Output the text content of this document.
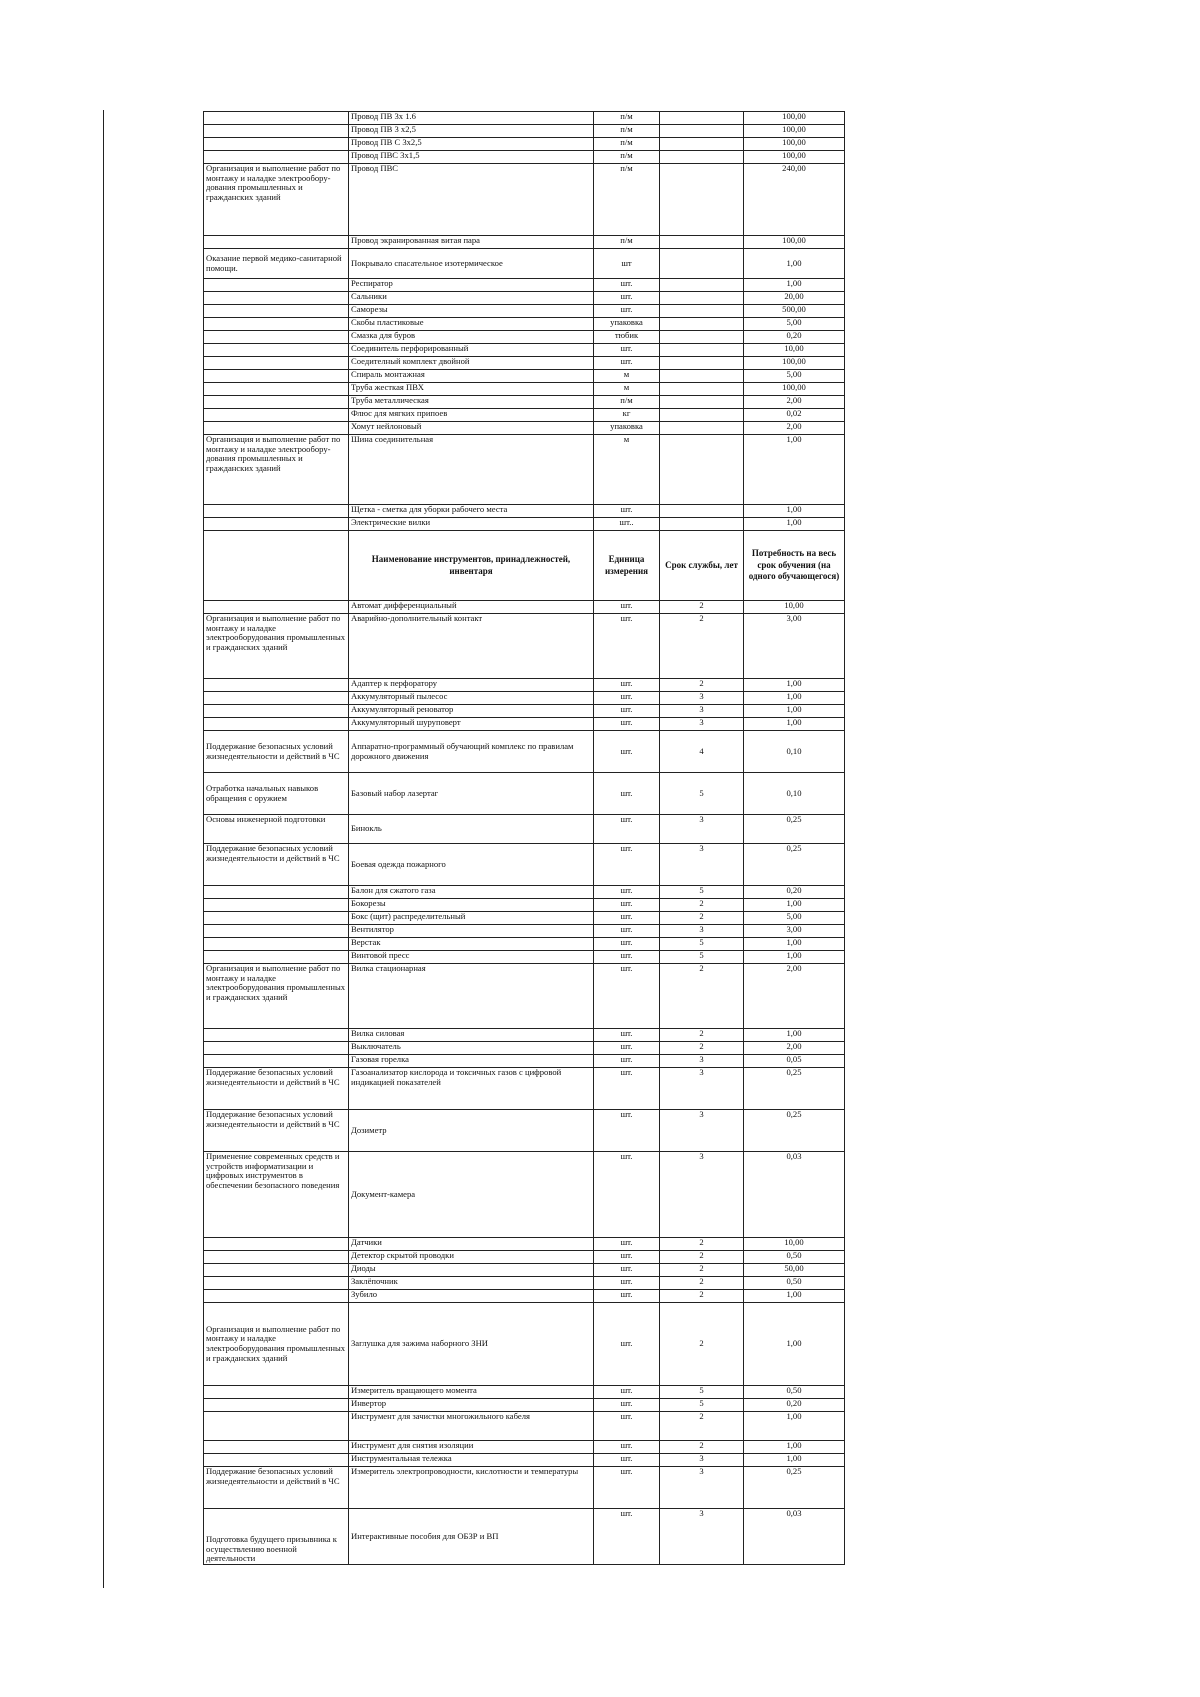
	Провод ПВ 3х 1.6	п/м		100,00
	Провод ПВ 3 х2,5	п/м		100,00
	Провод ПВ С 3х2,5	п/м		100,00
	Провод ПВС 3х1,5	п/м		100,00
Организация и выполнение работ по монтажу и наладке электрообору-дования промышленных и гражданских зданий	Провод ПВС	п/м		240,00
	Провод экранированная витая пара	п/м		100,00
Оказание первой медико-санитарной помощи.	Покрывало спасательное изотермическое	шт		1,00
	Респиратор	шт.		1,00
	Сальники	шт.		20,00
	Саморезы	шт.		500,00
	Скобы пластиковые	упаковка		5,00
	Смазка для буров	тюбик		0,20
	Соединитель перфорированный	шт.		10,00
	Соедителный комплект двойной	шт.		100,00
	Спираль монтажная	м		5,00
	Труба жесткая ПВХ	м		100,00
	Труба металлическая	п/м		2,00
	Флюс для мягких припоев	кг		0,02
	Хомут нейлоновый	упаковка		2,00
Организация и выполнение работ по монтажу и наладке электрообору-дования промышленных и гражданских зданий	Шина соединительная	м		1,00
	Щетка - сметка для уборки рабочего места	шт.		1,00
	Электрические вилки	шт..		1,00
	Наименование инструментов, принадлежностей, инвентаря	Единица измерения	Срок службы, лет	Потребность на весь срок обучения (на одного обучающегося)
	Автомат дифференциальный	шт.	2	10,00
Организация и выполнение работ по монтажу и наладке электрооборудования промышленных и гражданских зданий	Аварийно-дополнительный контакт	шт.	2	3,00
	Адаптер к перфоратору	шт.	2	1,00
	Аккумуляторный пылесос	шт.	3	1,00
	Аккумуляторный реноватор	шт.	3	1,00
	Аккумуляторный шуруповерт	шт.	3	1,00
Поддержание безопасных условий жизнедеятельности и действий в ЧС	Аппаратно-программный обучающий комплекс по правилам дорожного движения	шт.	4	0,10
Отработка начальных навыков обращения с оружием	Базовый набор лазертаг	шт.	5	0,10
Основы инженерной подготовки	Бинокль	шт.	3	0,25
Поддержание безопасных условий жизнедеятельности и действий в ЧС	Боевая одежда пожарного	шт.	3	0,25
	Балон для сжатого газа	шт.	5	0,20
	Бокорезы	шт.	2	1,00
	Бокс (щит) распределительный	шт.	2	5,00
	Вентилятор	шт.	3	3,00
	Верстак	шт.	5	1,00
	Винтовой пресс	шт.	5	1,00
Организация и выполнение работ по монтажу и наладке электрооборудования промышленных и гражданских зданий	Вилка стационарная	шт.	2	2,00
	Вилка силовая	шт.	2	1,00
	Выключатель	шт.	2	2,00
	Газовая горелка	шт.	3	0,05
Поддержание безопасных условий жизнедеятельности и действий в ЧС	Газоанализатор кислорода и токсичных газов с цифровой индикацией показателей	шт.	3	0,25
Поддержание безопасных условий жизнедеятельности и действий в ЧС	Дозиметр	шт.	3	0,25
Применение современных средств и устройств информатизации и цифровых инструментов в обеспечении безопасного поведения	Документ-камера	шт.	3	0,03
	Датчики	шт.	2	10,00
	Детектор скрытой проводки	шт.	2	0,50
	Диоды	шт.	2	50,00
	Заклёпочник	шт.	2	0,50
	Зубило	шт.	2	1,00
Организация и выполнение работ по монтажу и наладке электрооборудования промышленных и гражданских зданий	Заглушка для зажима наборного ЗНИ	шт.	2	1,00
	Измеритель вращающего момента	шт.	5	0,50
	Инвертор	шт.	5	0,20
	Инструмент для зачистки многожильного кабеля	шт.	2	1,00
	Инструмент для снятия изоляции	шт.	2	1,00
	Инструментальная тележка	шт.	3	1,00
Поддержание безопасных условий жизнедеятельности и действий в ЧС	Измеритель электропроводности, кислотности и температуры	шт.	3	0,25
Подготовка будущего призывника к осуществлению военной деятельности	Интерактивные пособия для ОБЗР и ВП	шт.	3	0,03
